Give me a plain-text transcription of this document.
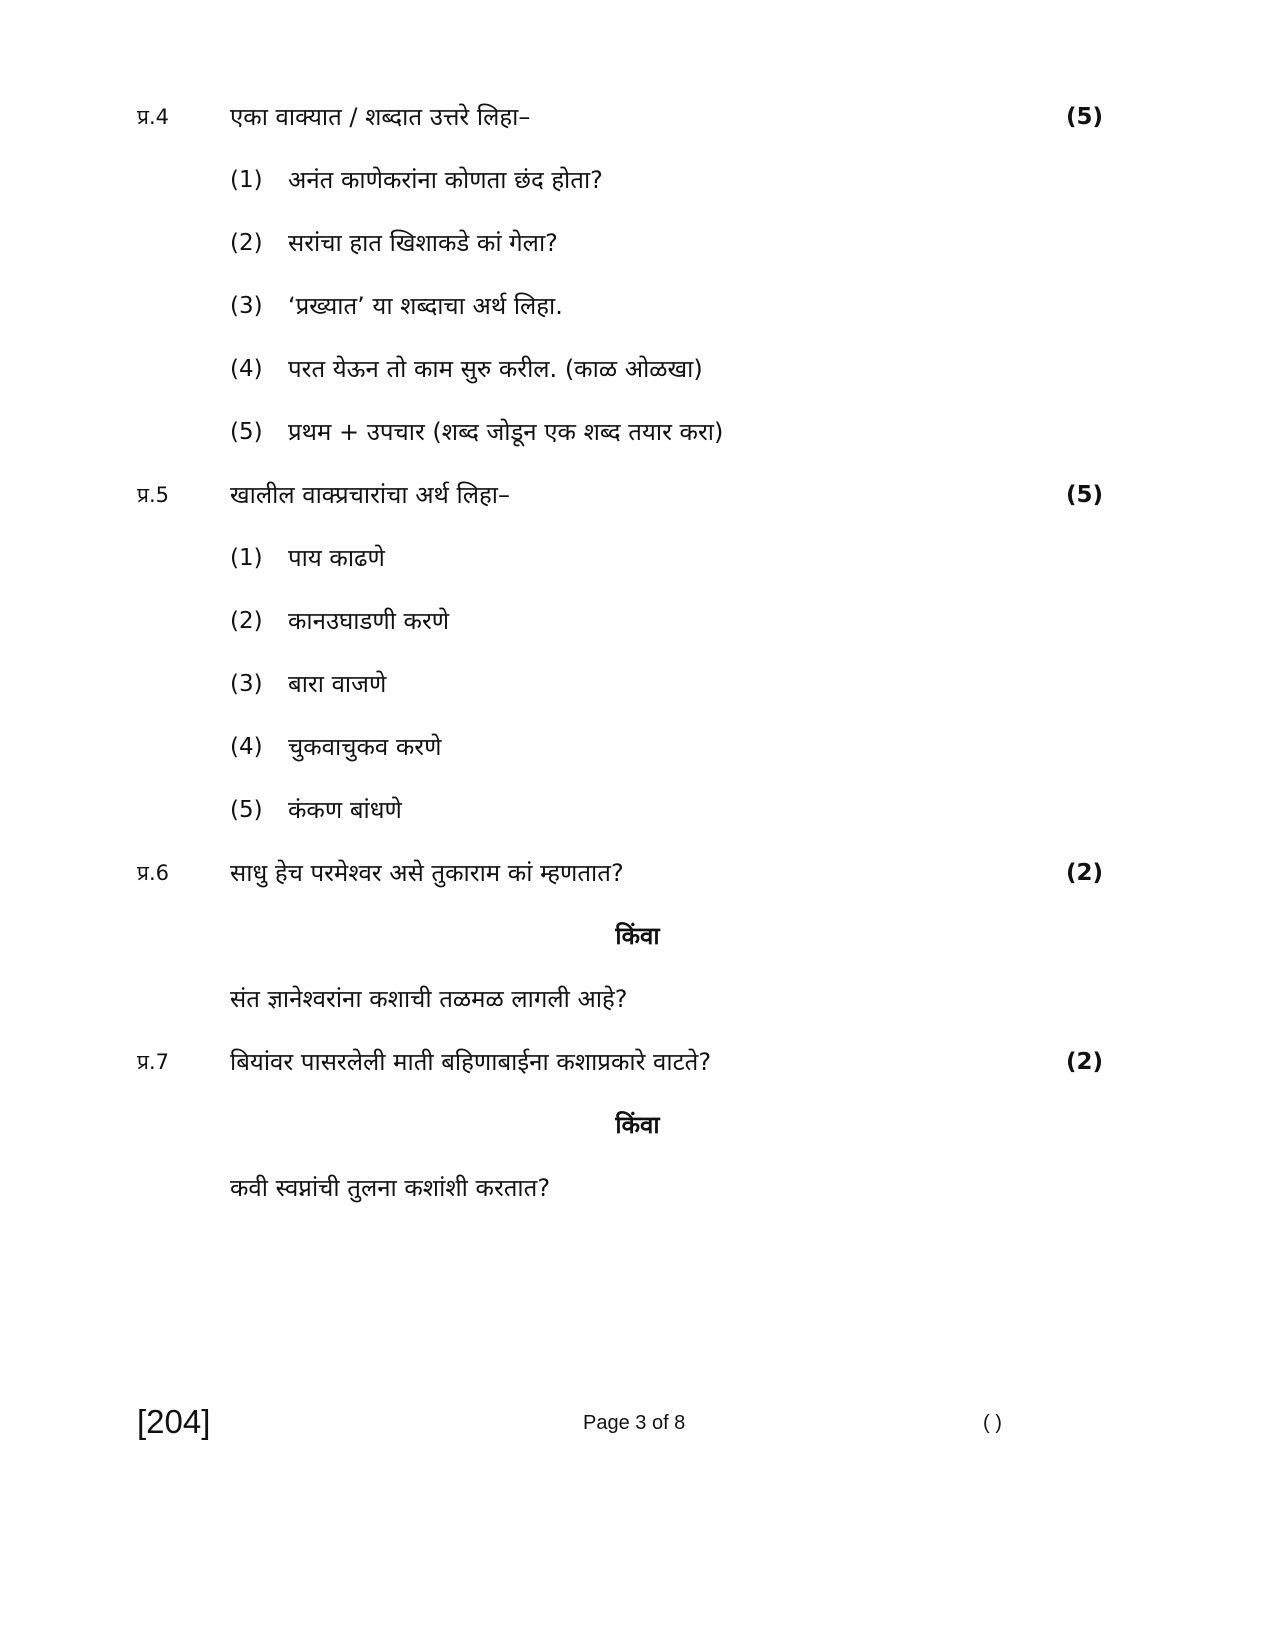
प्र.4	एका वाक्यात / शब्दात उत्तरे लिहा–	(5)
(1) अनंत काणेकरांना कोणता छंद होता?
(2) सरांचा हात खिशाकडे कां गेला?
(3) ‘प्रख्यात’ या शब्दाचा अर्थ लिहा.
(4) परत येऊन तो काम सुरु करील. (काळ ओळखा)
(5) प्रथम + उपचार (शब्द जोडून एक शब्द तयार करा)
प्र.5	खालील वाक्प्रचारांचा अर्थ लिहा–	(5)
(1) पाय काढणे
(2) कानउघाडणी करणे
(3) बारा वाजणे
(4) चुकवाचुकव करणे
(5) कंकण बांधणे
प्र.6	साधु हेच परमेश्वर असे तुकाराम कां म्हणतात?	(2)
किंवा
संत ज्ञानेश्वरांना कशाची तळमळ लागली आहे?
प्र.7	बियांवर पासरलेली माती बहिणाबाईना कशाप्रकारे वाटते?	(2)
किंवा
कवी स्वप्नांची तुलना कशांशी करतात?
[204]	Page 3 of 8	( )
